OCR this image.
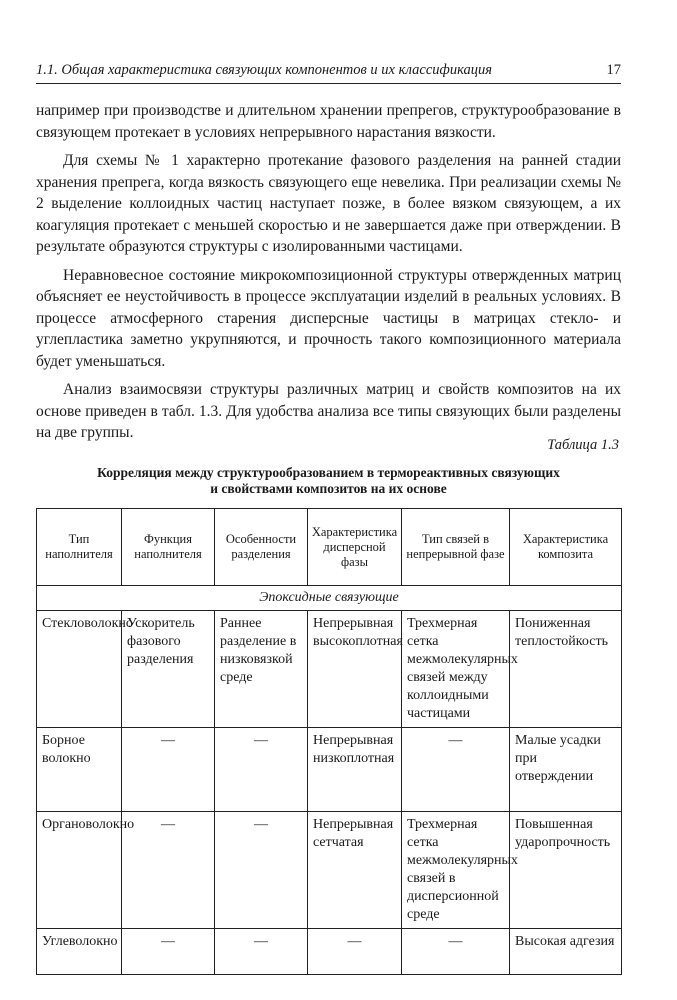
1.1. Общая характеристика связующих компонентов и их классификация	17

например при производстве и длительном хранении препрегов, структурообразование в связующем протекает в условиях непрерывного нарастания вязкости.

Для схемы № 1 характерно протекание фазового разделения на ранней стадии хранения препрега, когда вязкость связующего еще невелика. При реализации схемы № 2 выделение коллоидных частиц наступает позже, в более вязком связующем, а их коагуляция протекает с меньшей скоростью и не завершается даже при отверждении. В результате образуются структуры с изолированными частицами.

Неравновесное состояние микрокомпозиционной структуры отвержденных матриц объясняет ее неустойчивость в процессе эксплуатации изделий в реальных условиях. В процессе атмосферного старения дисперсные частицы в матрицах стекло- и углепластика заметно укрупняются, и прочность такого композиционного материала будет уменьшаться.

Анализ взаимосвязи структуры различных матриц и свойств композитов на их основе приведен в табл. 1.3. Для удобства анализа все типы связующих были разделены на две группы.

Таблица 1.3
Корреляция между структурообразованием в термореактивных связующих
и свойствами композитов на их основе
Тип наполнителя	Функция наполнителя	Особенности разделения	Характеристика дисперсной фазы	Тип связей в непрерывной фазе	Характеристика композита
Эпоксидные связующие					
Стекловолокно	Ускоритель фазового разделения	Раннее разделение в низковязкой среде	Непрерывная высокоплотная	Трехмерная сетка межмолекулярных связей между коллоидными частицами	Пониженная теплостойкость
Борное волокно	—	—	Непрерывная низкоплотная	—	Малые усадки при отверждении
Органоволокно	—	—	Непрерывная сетчатая	Трехмерная сетка межмолекулярных связей в дисперсионной среде	Повышенная ударопрочность
Углеволокно	—	—	—	—	Высокая адгезия
